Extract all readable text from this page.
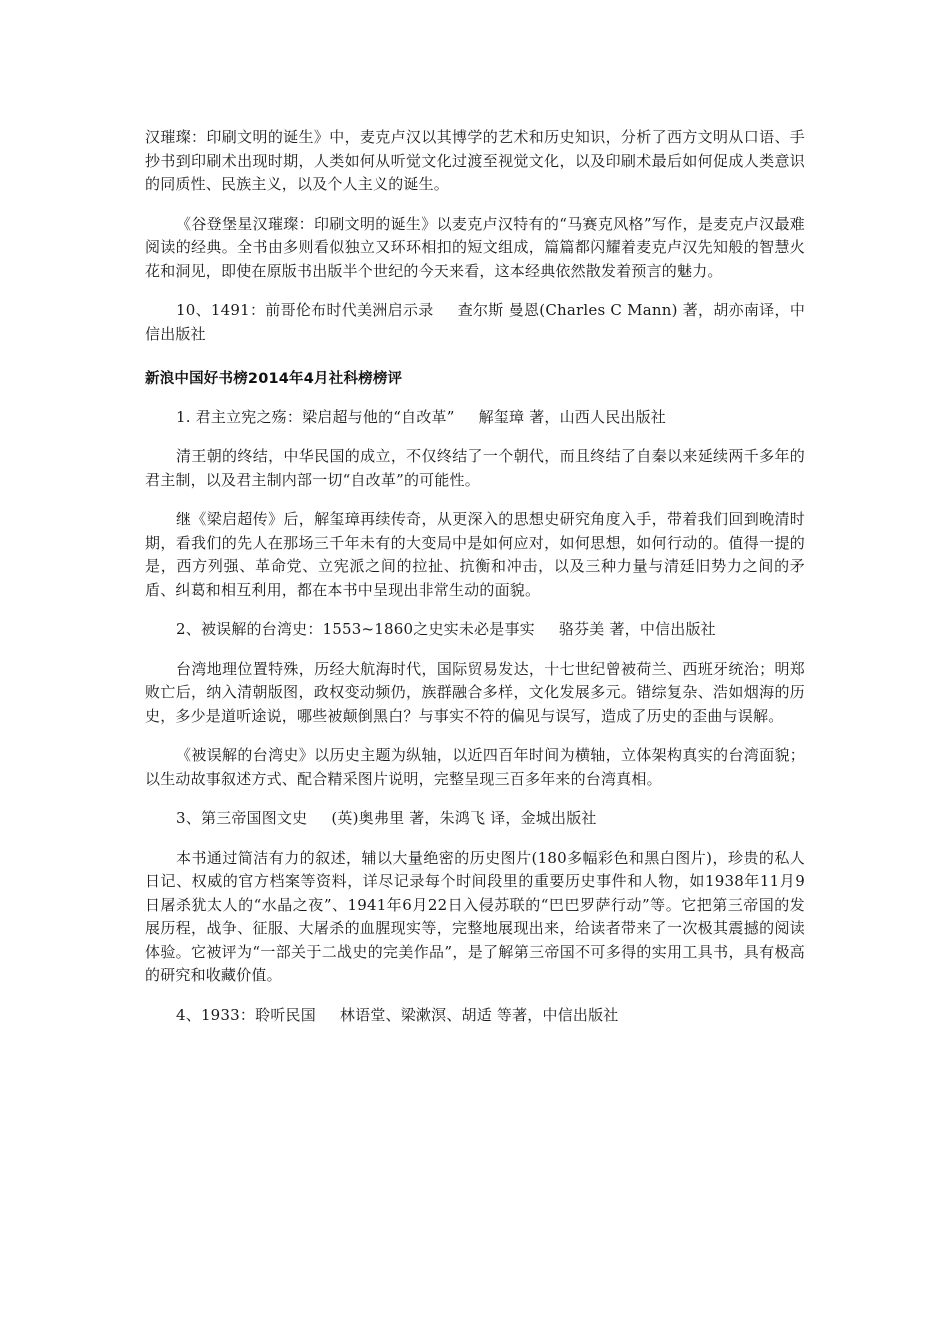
汉璀璨：印刷文明的诞生》中，麦克卢汉以其博学的艺术和历史知识，分析了西方文明从口语、手抄书到印刷术出现时期，人类如何从听觉文化过渡至视觉文化，以及印刷术最后如何促成人类意识的同质性、民族主义，以及个人主义的诞生。

《谷登堡星汉璀璨：印刷文明的诞生》以麦克卢汉特有的“马赛克风格”写作，是麦克卢汉最难阅读的经典。全书由多则看似独立又环环相扣的短文组成，篇篇都闪耀着麦克卢汉先知般的智慧火花和洞见，即使在原版书出版半个世纪的今天来看，这本经典依然散发着预言的魅力。

10、1491：前哥伦布时代美洲启示录 查尔斯 曼恩(Charles C Mann) 著，胡亦南译，中信出版社

新浪中国好书榜2014年4月社科榜榜评

1. 君主立宪之殇：梁启超与他的“自改革” 解玺璋 著，山西人民出版社

清王朝的终结，中华民国的成立，不仅终结了一个朝代，而且终结了自秦以来延续两千多年的君主制，以及君主制内部一切“自改革”的可能性。

继《梁启超传》后，解玺璋再续传奇，从更深入的思想史研究角度入手，带着我们回到晚清时期，看我们的先人在那场三千年未有的大变局中是如何应对，如何思想，如何行动的。值得一提的是，西方列强、革命党、立宪派之间的拉扯、抗衡和冲击，以及三种力量与清廷旧势力之间的矛盾、纠葛和相互利用，都在本书中呈现出非常生动的面貌。

2、被误解的台湾史：1553~1860之史实未必是事实 骆芬美 著，中信出版社

台湾地理位置特殊，历经大航海时代，国际贸易发达，十七世纪曾被荷兰、西班牙统治；明郑败亡后，纳入清朝版图，政权变动频仍，族群融合多样，文化发展多元。错综复杂、浩如烟海的历史，多少是道听途说，哪些被颠倒黑白？与事实不符的偏见与误写，造成了历史的歪曲与误解。

《被误解的台湾史》以历史主题为纵轴，以近四百年时间为横轴，立体架构真实的台湾面貌；以生动故事叙述方式、配合精采图片说明，完整呈现三百多年来的台湾真相。

3、第三帝国图文史 (英)奥弗里 著，朱鸿飞 译，金城出版社

本书通过简洁有力的叙述，辅以大量绝密的历史图片(180多幅彩色和黑白图片)，珍贵的私人日记、权威的官方档案等资料，详尽记录每个时间段里的重要历史事件和人物，如1938年11月9日屠杀犹太人的“水晶之夜”、1941年6月22日入侵苏联的“巴巴罗萨行动”等。它把第三帝国的发展历程，战争、征服、大屠杀的血腥现实等，完整地展现出来，给读者带来了一次极其震撼的阅读体验。它被评为“一部关于二战史的完美作品”，是了解第三帝国不可多得的实用工具书，具有极高的研究和收藏价值。

4、1933：聆听民国 林语堂、梁漱溟、胡适 等著，中信出版社
